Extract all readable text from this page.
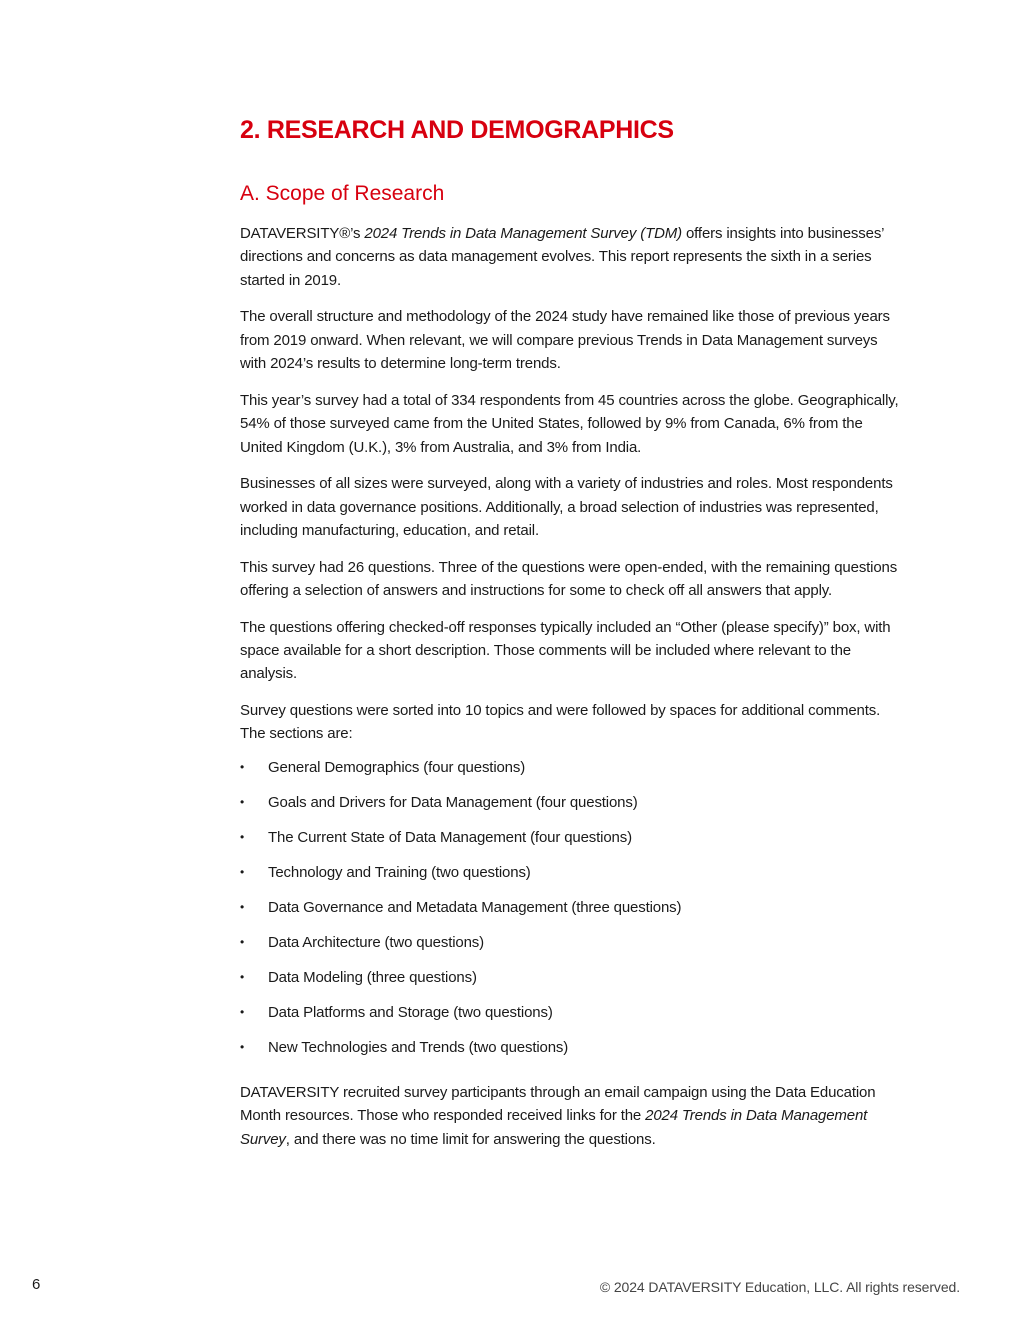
2. RESEARCH AND DEMOGRAPHICS
A. Scope of Research

DATAVERSITY®’s 2024 Trends in Data Management Survey (TDM) offers insights into businesses’ directions and concerns as data management evolves. This report represents the sixth in a series started in 2019.

The overall structure and methodology of the 2024 study have remained like those of previous years from 2019 onward. When relevant, we will compare previous Trends in Data Management surveys with 2024’s results to determine long-term trends.

This year’s survey had a total of 334 respondents from 45 countries across the globe. Geographically, 54% of those surveyed came from the United States, followed by 9% from Canada, 6% from the United Kingdom (U.K.), 3% from Australia, and 3% from India.

Businesses of all sizes were surveyed, along with a variety of industries and roles. Most respondents worked in data governance positions. Additionally, a broad selection of industries was represented, including manufacturing, education, and retail.

This survey had 26 questions. Three of the questions were open-ended, with the remaining questions offering a selection of answers and instructions for some to check off all answers that apply.

The questions offering checked-off responses typically included an “Other (please specify)” box, with space available for a short description. Those comments will be included where relevant to the analysis.

Survey questions were sorted into 10 topics and were followed by spaces for additional comments. The sections are:

• General Demographics (four questions)
• Goals and Drivers for Data Management (four questions)
• The Current State of Data Management (four questions)
• Technology and Training (two questions)
• Data Governance and Metadata Management (three questions)
• Data Architecture (two questions)
• Data Modeling (three questions)
• Data Platforms and Storage (two questions)
• New Technologies and Trends (two questions)

DATAVERSITY recruited survey participants through an email campaign using the Data Education Month resources. Those who responded received links for the 2024 Trends in Data Management Survey, and there was no time limit for answering the questions.

6	© 2024 DATAVERSITY Education, LLC. All rights reserved.
